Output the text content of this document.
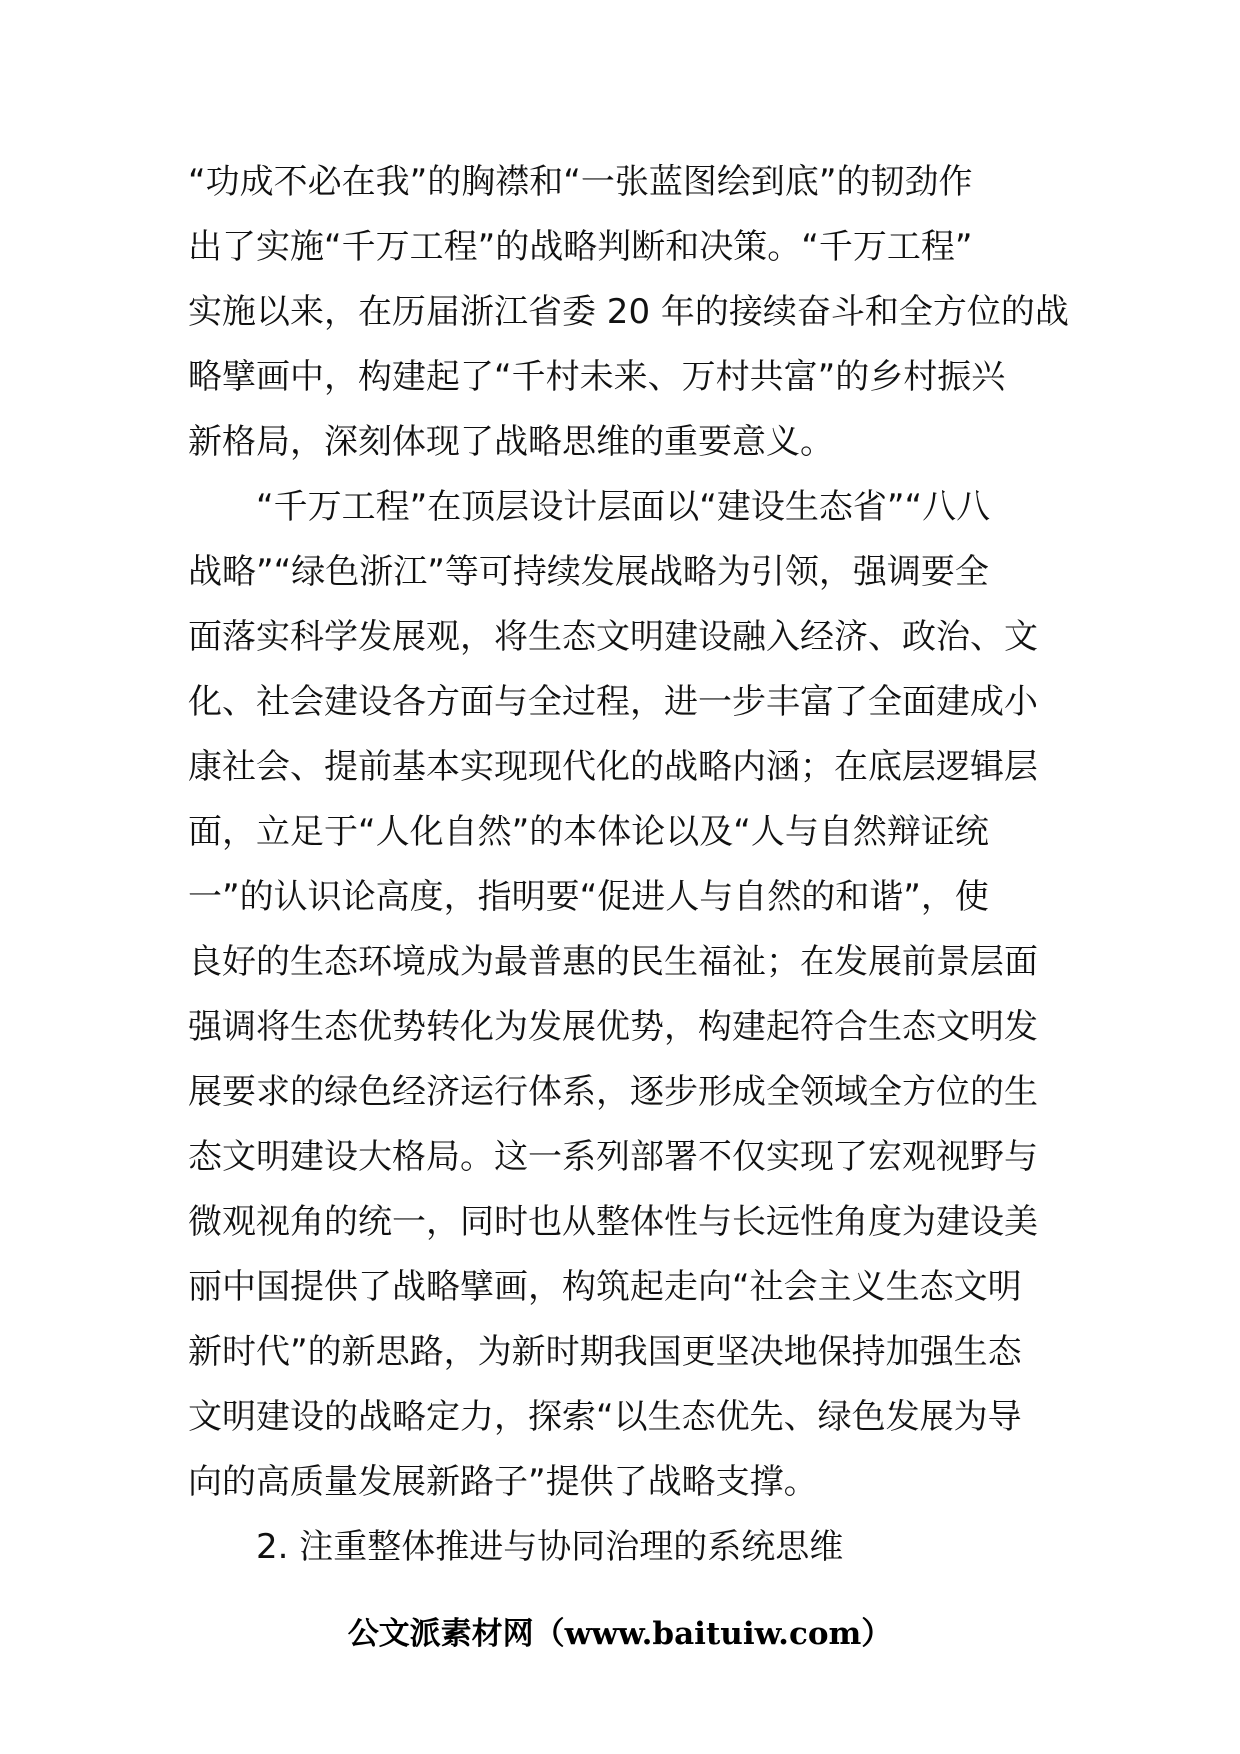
“功成不必在我”的胸襟和“一张蓝图绘到底”的韧劲作
出了实施“千万工程”的战略判断和决策。“千万工程”
实施以来，在历届浙江省委 20 年的接续奋斗和全方位的战
略擘画中，构建起了“千村未来、万村共富”的乡村振兴
新格局，深刻体现了战略思维的重要意义。
“千万工程”在顶层设计层面以“建设生态省”“八八
战略”“绿色浙江”等可持续发展战略为引领，强调要全
面落实科学发展观，将生态文明建设融入经济、政治、文
化、社会建设各方面与全过程，进一步丰富了全面建成小
康社会、提前基本实现现代化的战略内涵；在底层逻辑层
面，立足于“人化自然”的本体论以及“人与自然辩证统
一”的认识论高度，指明要“促进人与自然的和谐”，使
良好的生态环境成为最普惠的民生福祉；在发展前景层面
强调将生态优势转化为发展优势，构建起符合生态文明发
展要求的绿色经济运行体系，逐步形成全领域全方位的生
态文明建设大格局。这一系列部署不仅实现了宏观视野与
微观视角的统一，同时也从整体性与长远性角度为建设美
丽中国提供了战略擘画，构筑起走向“社会主义生态文明
新时代”的新思路，为新时期我国更坚决地保持加强生态
文明建设的战略定力，探索“以生态优先、绿色发展为导
向的高质量发展新路子”提供了战略支撑。
2. 注重整体推进与协同治理的系统思维
公文派素材网（www.baituiw.com）
